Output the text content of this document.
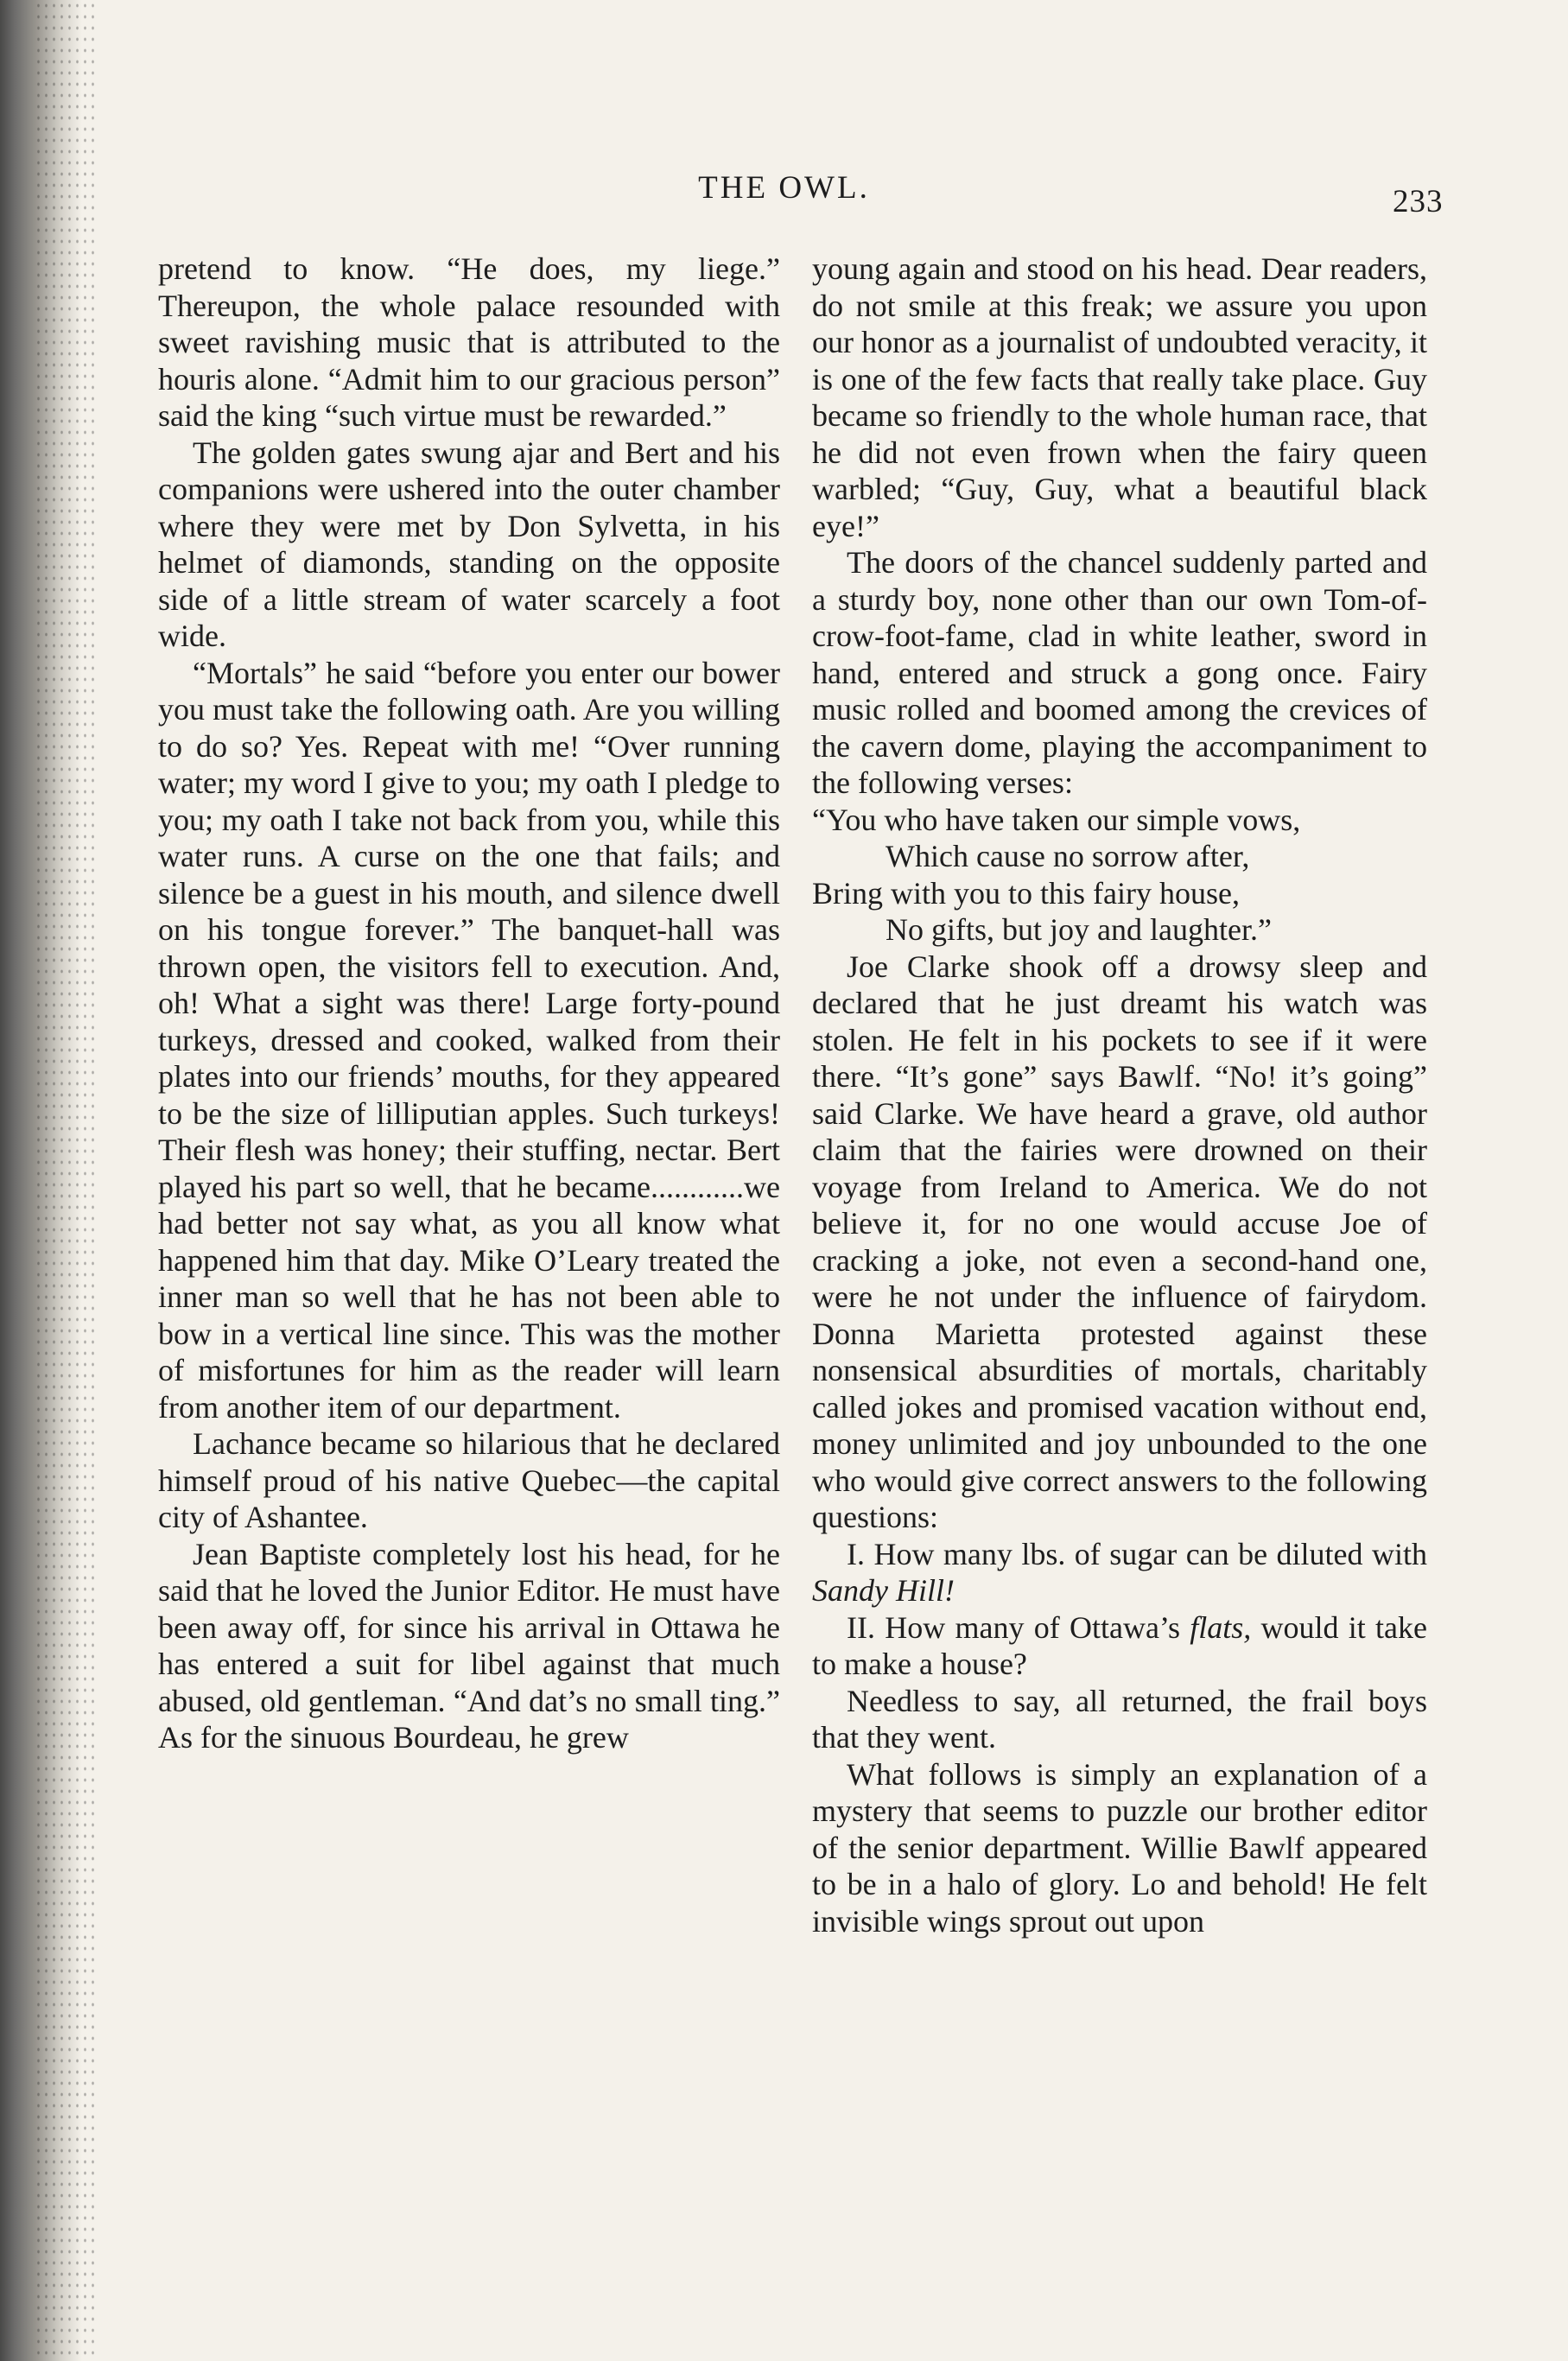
THE OWL.	233

pretend to know. “He does, my liege.” Thereupon, the whole palace resounded with sweet ravishing music that is attributed to the houris alone. “Admit him to our gracious person” said the king “such virtue must be rewarded.”

The golden gates swung ajar and Bert and his companions were ushered into the outer chamber where they were met by Don Sylvetta, in his helmet of diamonds, standing on the opposite side of a little stream of water scarcely a foot wide.

“Mortals” he said “before you enter our bower you must take the following oath. Are you willing to do so? Yes. Repeat with me! “Over running water; my word I give to you; my oath I pledge to you; my oath I take not back from you, while this water runs. A curse on the one that fails; and silence be a guest in his mouth, and silence dwell on his tongue forever.” The banquet-hall was thrown open, the visitors fell to execution. And, oh! What a sight was there! Large forty-pound turkeys, dressed and cooked, walked from their plates into our friends’ mouths, for they appeared to be the size of lilliputian apples. Such turkeys! Their flesh was honey; their stuffing, nectar. Bert played his part so well, that he became............we had better not say what, as you all know what happened him that day. Mike O’Leary treated the inner man so well that he has not been able to bow in a vertical line since. This was the mother of misfortunes for him as the reader will learn from another item of our department.

Lachance became so hilarious that he declared himself proud of his native Quebec—the capital city of Ashantee.

Jean Baptiste completely lost his head, for he said that he loved the Junior Editor. He must have been away off, for since his arrival in Ottawa he has entered a suit for libel against that much abused, old gentleman. “And dat’s no small ting.” As for the sinuous Bourdeau, he grew

young again and stood on his head. Dear readers, do not smile at this freak; we assure you upon our honor as a journalist of undoubted veracity, it is one of the few facts that really take place. Guy became so friendly to the whole human race, that he did not even frown when the fairy queen warbled; “Guy, Guy, what a beautiful black eye!”

The doors of the chancel suddenly parted and a sturdy boy, none other than our own Tom-of-crow-foot-fame, clad in white leather, sword in hand, entered and struck a gong once. Fairy music rolled and boomed among the crevices of the cavern dome, playing the accompaniment to the following verses:

“You who have taken our simple vows,
Which cause no sorrow after,
Bring with you to this fairy house,
No gifts, but joy and laughter.”

Joe Clarke shook off a drowsy sleep and declared that he just dreamt his watch was stolen. He felt in his pockets to see if it were there. “It’s gone” says Bawlf. “No! it’s going” said Clarke. We have heard a grave, old author claim that the fairies were drowned on their voyage from Ireland to America. We do not believe it, for no one would accuse Joe of cracking a joke, not even a second-hand one, were he not under the influence of fairydom. Donna Marietta protested against these nonsensical absurdities of mortals, charitably called jokes and promised vacation without end, money unlimited and joy unbounded to the one who would give correct answers to the following questions:

I. How many lbs. of sugar can be diluted with Sandy Hill!

II. How many of Ottawa’s flats, would it take to make a house?

Needless to say, all returned, the frail boys that they went.

What follows is simply an explanation of a mystery that seems to puzzle our brother editor of the senior department. Willie Bawlf appeared to be in a halo of glory. Lo and behold! He felt invisible wings sprout out upon
